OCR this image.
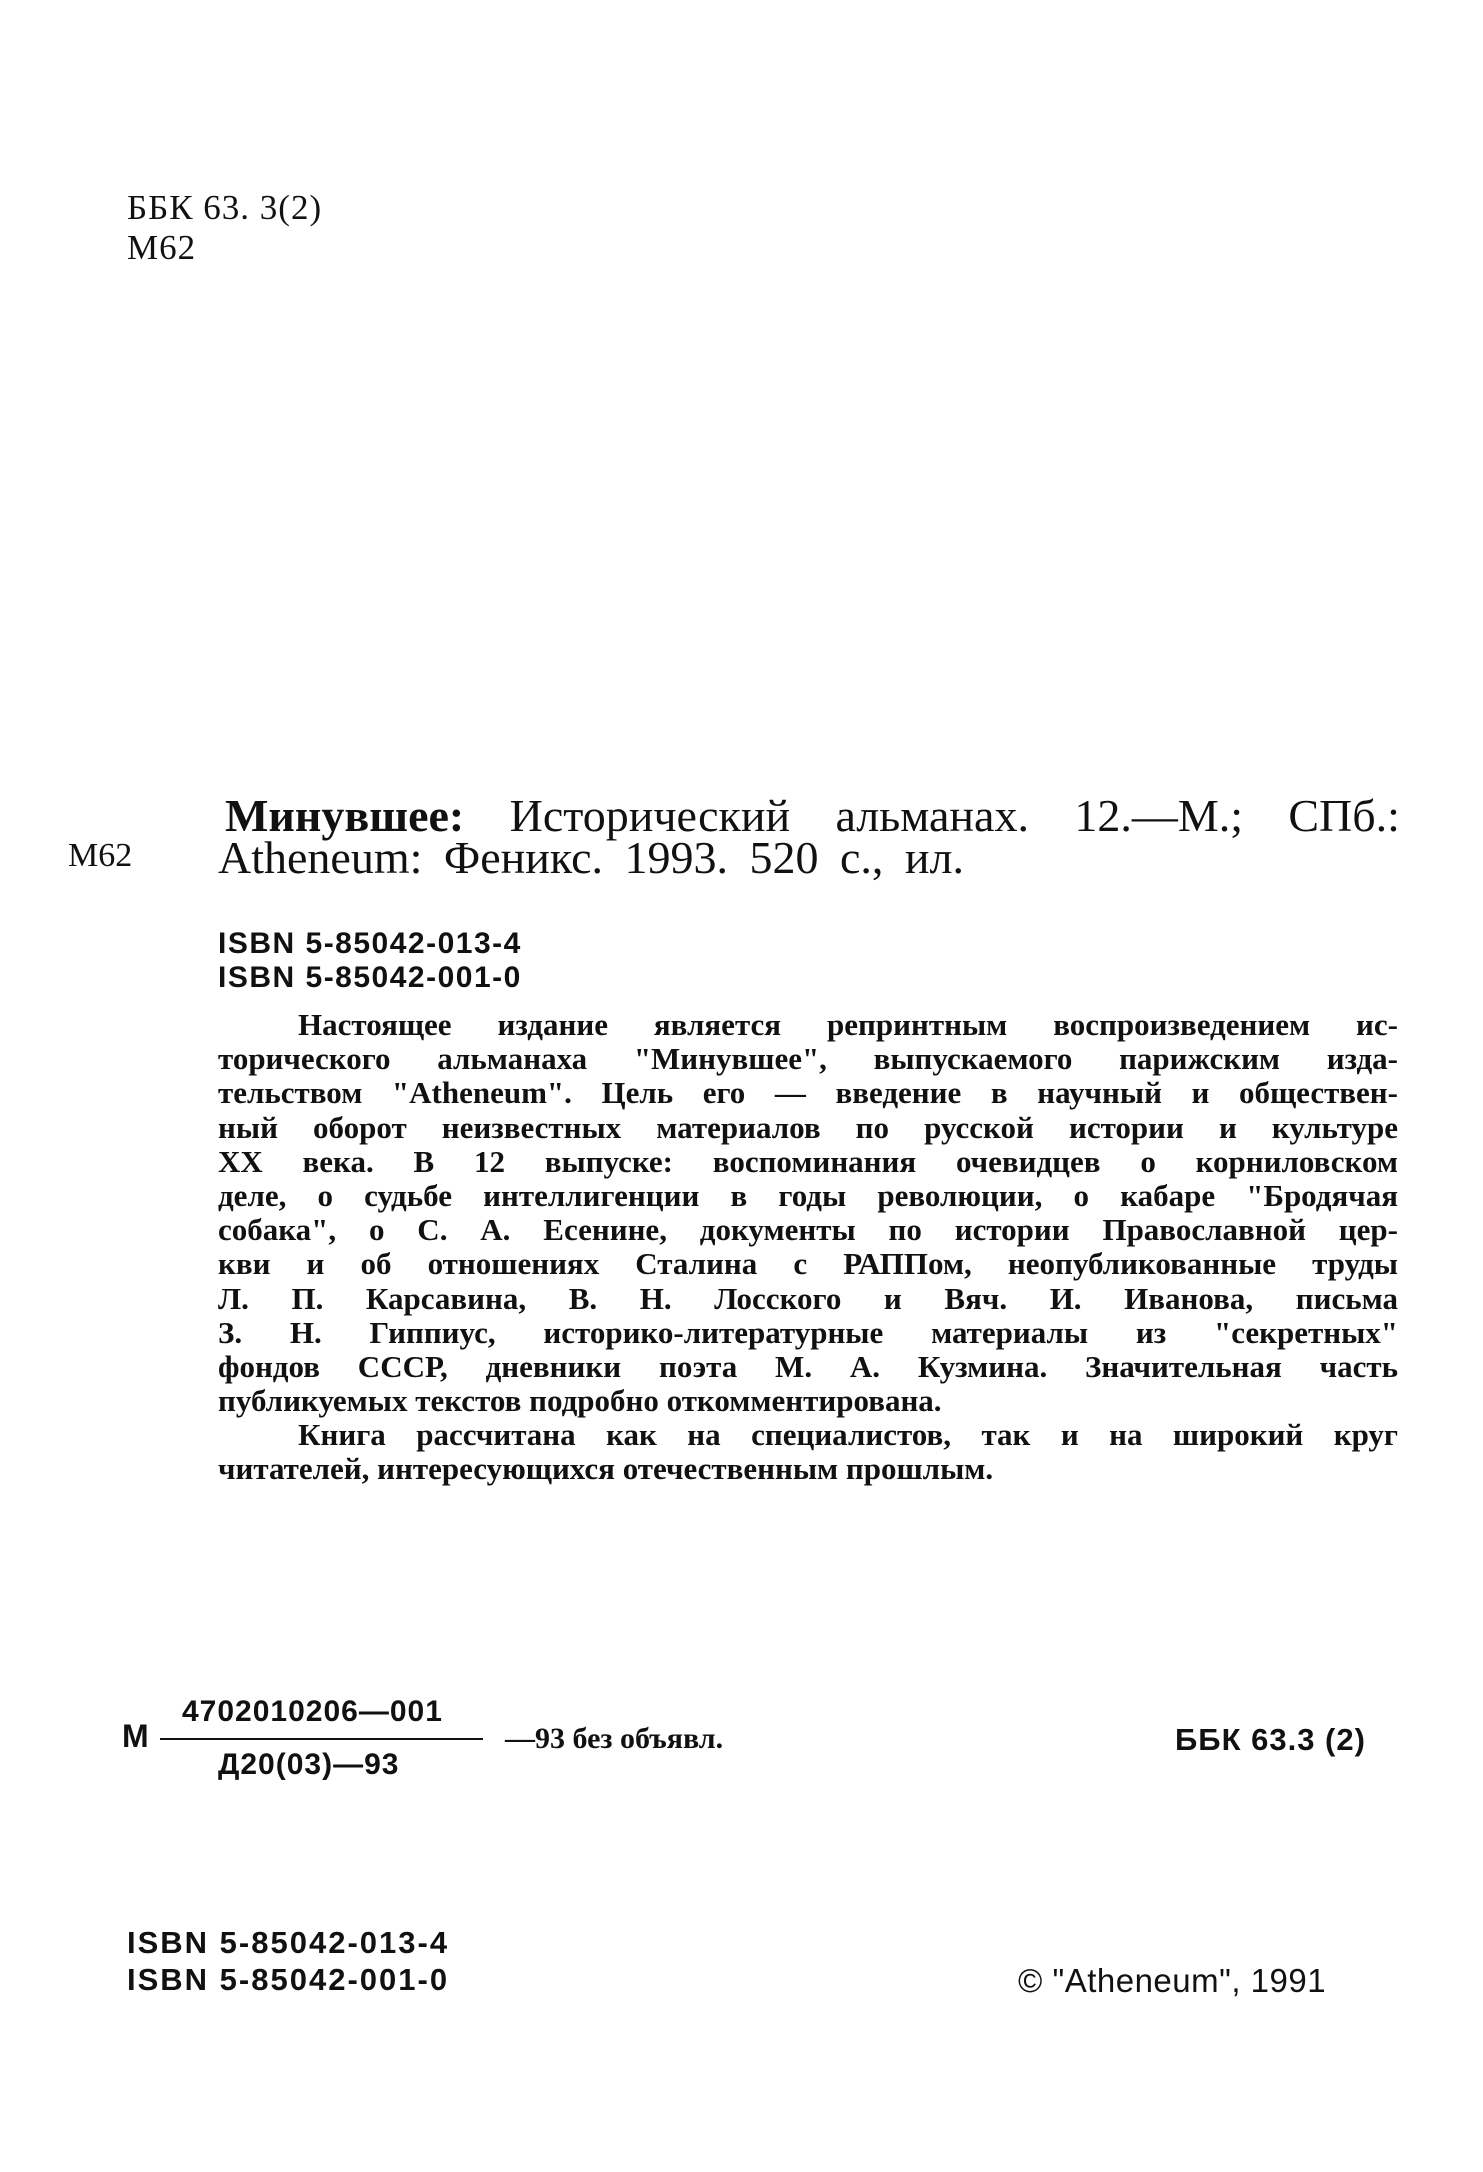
ББК 63. 3(2)
М62
Минувшее: Исторический альманах. 12.—М.; СПб.:
М62 Atheneum: Феникс. 1993. 520 с., ил.
ISBN 5-85042-013-4
ISBN 5-85042-001-0
Настоящее издание является репринтным воспроизведением ис-
торического альманаха "Минувшее", выпускаемого парижским изда-
тельством "Atheneum". Цель его — введение в научный и обществен-
ный оборот неизвестных материалов по русской истории и культуре
XX века. В 12 выпуске: воспоминания очевидцев о корниловском
деле, о судьбе интеллигенции в годы революции, о кабаре "Бродячая
собака", о С. А. Есенине, документы по истории Православной цер-
кви и об отношениях Сталина с РАППом, неопубликованные труды
Л. П. Карсавина, В. Н. Лосского и Вяч. И. Иванова, письма
З. Н. Гиппиус, историко-литературные материалы из "секретных"
фондов СССР, дневники поэта М. А. Кузмина. Значительная часть
публикуемых текстов подробно откомментирована.
Книга рассчитана как на специалистов, так и на широкий круг
читателей, интересующихся отечественным прошлым.
М
4702010206—001
Д20(03)—93
—93 без объявл.	ББК 63.3 (2)
ISBN 5-85042-013-4
ISBN 5-85042-001-0	© "Atheneum", 1991
